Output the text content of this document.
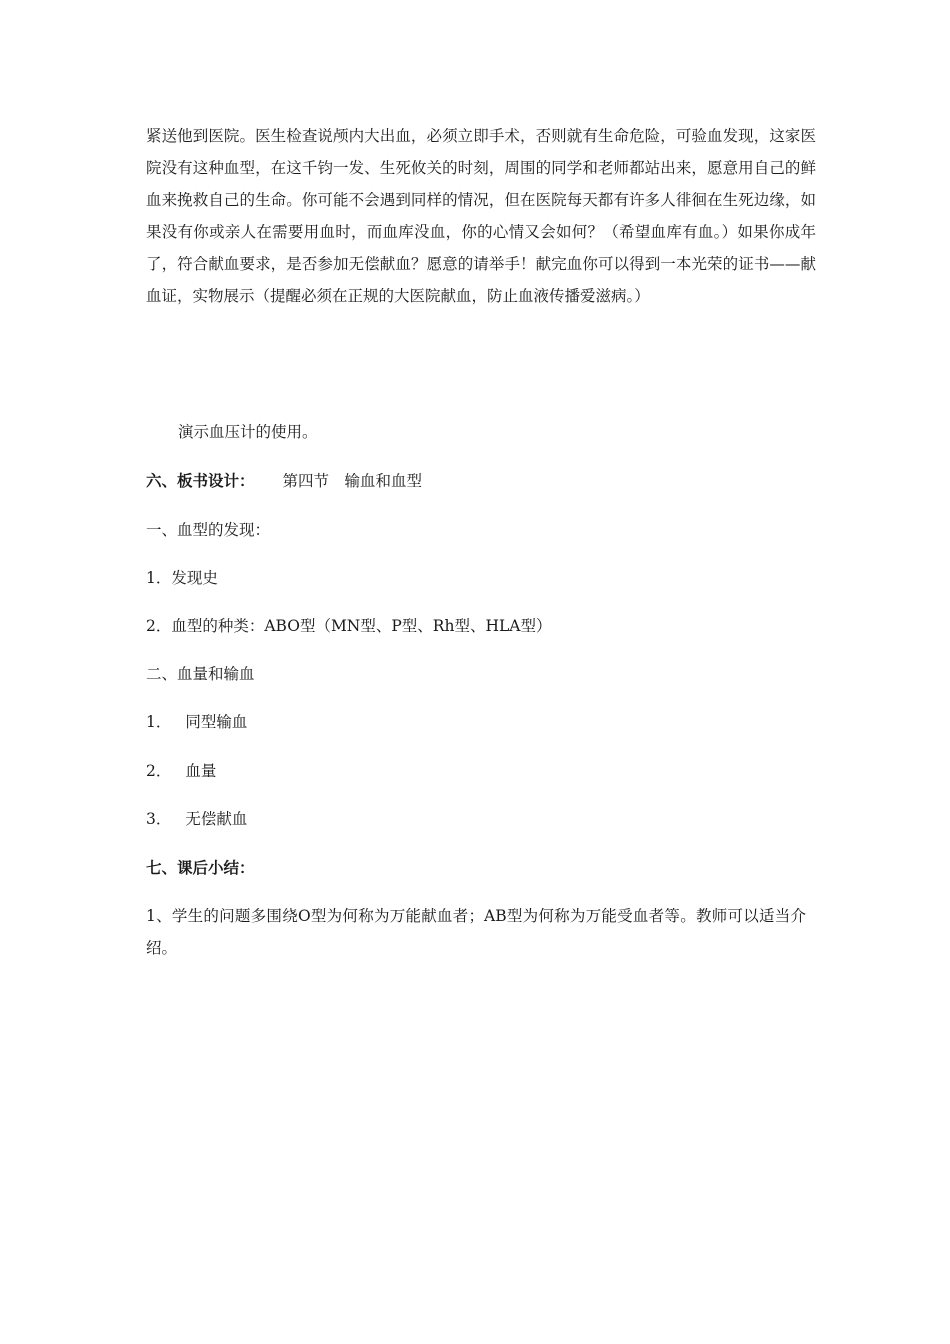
紧送他到医院。医生检查说颅内大出血，必须立即手术，否则就有生命危险，可验血发现，这家医院没有这种血型，在这千钧一发、生死攸关的时刻，周围的同学和老师都站出来，愿意用自己的鲜血来挽救自己的生命。你可能不会遇到同样的情况，但在医院每天都有许多人徘徊在生死边缘，如果没有你或亲人在需要用血时，而血库没血，你的心情又会如何？（希望血库有血。）如果你成年了，符合献血要求，是否参加无偿献血？愿意的请举手！献完血你可以得到一本光荣的证书——献血证，实物展示（提醒必须在正规的大医院献血，防止血液传播爱滋病。）

演示血压计的使用。

六、板书设计： 第四节　输血和血型

一、血型的发现：

1．发现史

2．血型的种类：ABO型（MN型、P型、Rh型、HLA型）

二、血量和输血

1． 同型输血

2． 血量

3． 无偿献血

七、课后小结：

1、学生的问题多围绕O型为何称为万能献血者；AB型为何称为万能受血者等。教师可以适当介绍。
